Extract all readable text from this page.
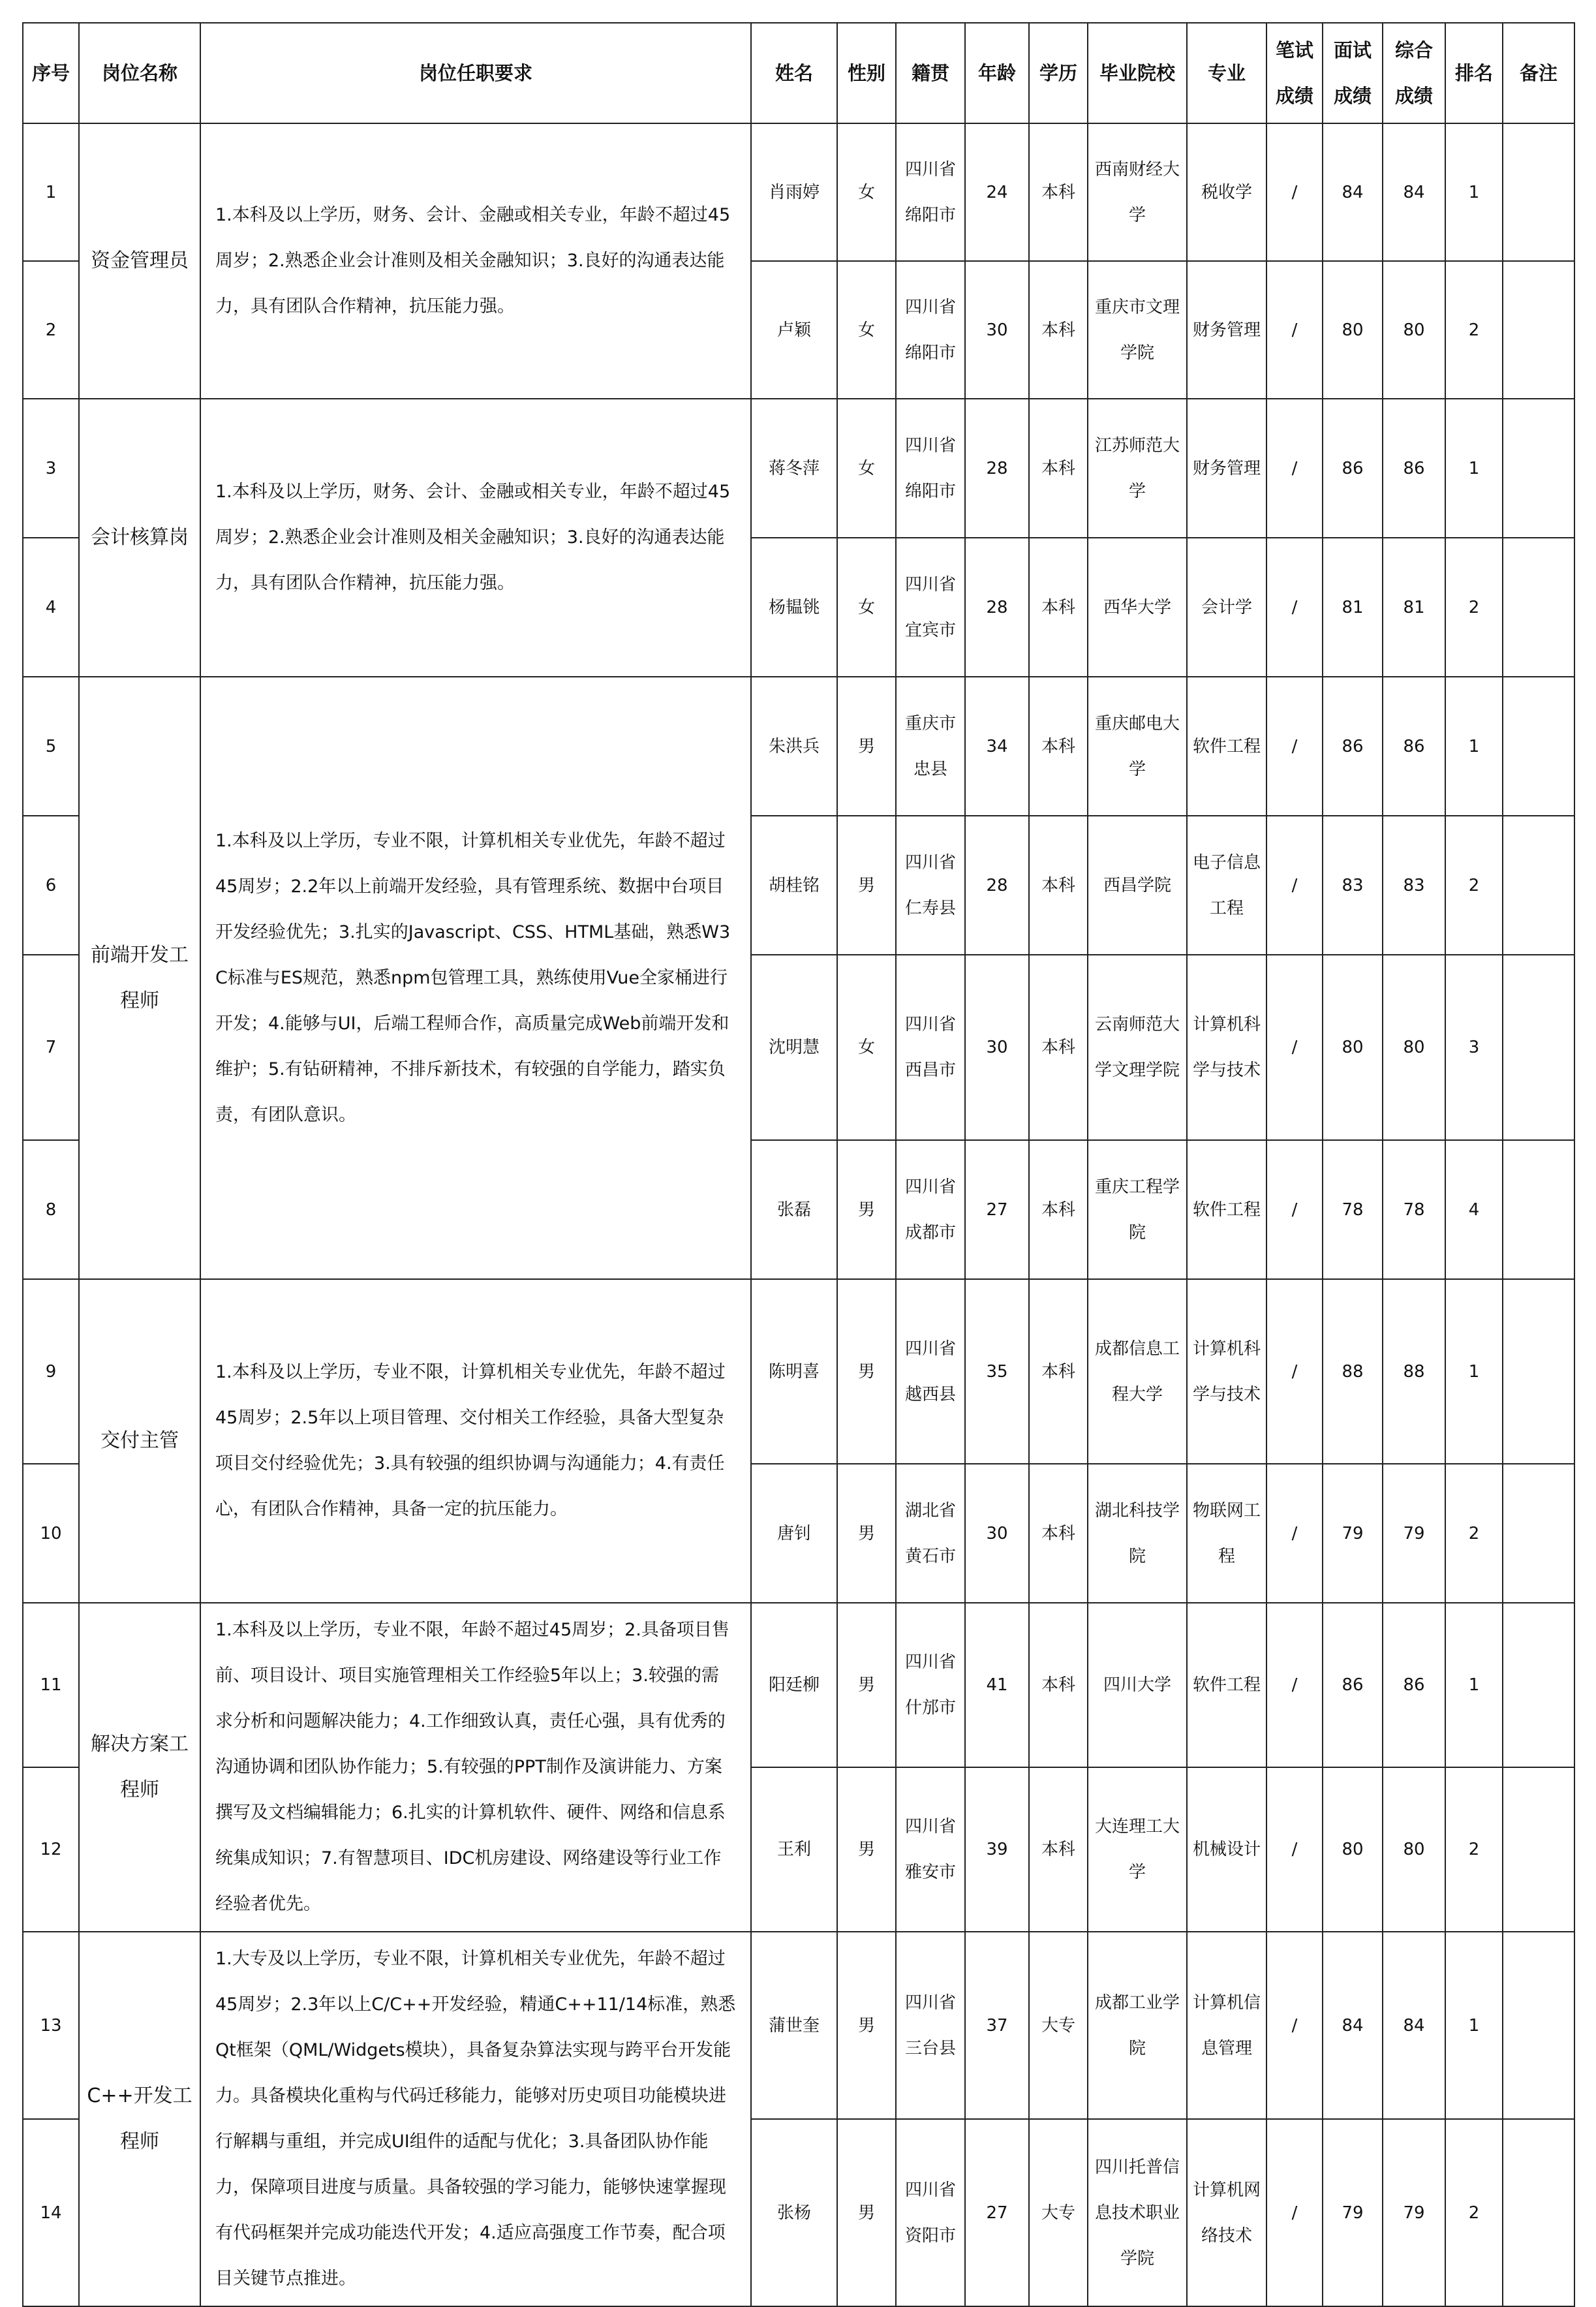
序号	岗位名称	岗位任职要求	姓名	性别	籍贯	年龄	学历	毕业院校	专业	笔试成绩	面试成绩	综合成绩	排名	备注
1	资金管理员	1.本科及以上学历，财务、会计、金融或相关专业，年龄不超过45周岁；2.熟悉企业会计准则及相关金融知识；3.良好的沟通表达能力，具有团队合作精神，抗压能力强。	肖雨婷	女	四川省绵阳市	24	本科	西南财经大学	税收学	/	84	84	1	
2			卢颖	女	四川省绵阳市	30	本科	重庆市文理学院	财务管理	/	80	80	2	
3	会计核算岗	1.本科及以上学历，财务、会计、金融或相关专业，年龄不超过45周岁；2.熟悉企业会计准则及相关金融知识；3.良好的沟通表达能力，具有团队合作精神，抗压能力强。	蒋冬萍	女	四川省绵阳市	28	本科	江苏师范大学	财务管理	/	86	86	1	
4			杨韫铫	女	四川省宜宾市	28	本科	西华大学	会计学	/	81	81	2	
5	前端开发工程师	1.本科及以上学历，专业不限，计算机相关专业优先，年龄不超过45周岁；2.2年以上前端开发经验，具有管理系统、数据中台项目开发经验优先；3.扎实的Javascript、CSS、HTML基础，熟悉W3C标准与ES规范，熟悉npm包管理工具，熟练使用Vue全家桶进行开发；4.能够与UI，后端工程师合作，高质量完成Web前端开发和维护；5.有钻研精神，不排斥新技术，有较强的自学能力，踏实负责，有团队意识。	朱洪兵	男	重庆市忠县	34	本科	重庆邮电大学	软件工程	/	86	86	1	
6			胡桂铭	男	四川省仁寿县	28	本科	西昌学院	电子信息工程	/	83	83	2	
7			沈明慧	女	四川省西昌市	30	本科	云南师范大学文理学院	计算机科学与技术	/	80	80	3	
8			张磊	男	四川省成都市	27	本科	重庆工程学院	软件工程	/	78	78	4	
9	交付主管	1.本科及以上学历，专业不限，计算机相关专业优先，年龄不超过45周岁；2.5年以上项目管理、交付相关工作经验，具备大型复杂项目交付经验优先；3.具有较强的组织协调与沟通能力；4.有责任心，有团队合作精神，具备一定的抗压能力。	陈明喜	男	四川省越西县	35	本科	成都信息工程大学	计算机科学与技术	/	88	88	1	
10			唐钊	男	湖北省黄石市	30	本科	湖北科技学院	物联网工程	/	79	79	2	
11	解决方案工程师	1.本科及以上学历，专业不限，年龄不超过45周岁；2.具备项目售前、项目设计、项目实施管理相关工作经验5年以上；3.较强的需求分析和问题解决能力；4.工作细致认真，责任心强，具有优秀的沟通协调和团队协作能力；5.有较强的PPT制作及演讲能力、方案撰写及文档编辑能力；6.扎实的计算机软件、硬件、网络和信息系统集成知识；7.有智慧项目、IDC机房建设、网络建设等行业工作经验者优先。	阳廷柳	男	四川省什邡市	41	本科	四川大学	软件工程	/	86	86	1	
12			王利	男	四川省雅安市	39	本科	大连理工大学	机械设计	/	80	80	2	
13	C++开发工程师	1.大专及以上学历，专业不限，计算机相关专业优先，年龄不超过45周岁；2.3年以上C/C++开发经验，精通C++11/14标准，熟悉Qt框架（QML/Widgets模块），具备复杂算法实现与跨平台开发能力。具备模块化重构与代码迁移能力，能够对历史项目功能模块进行解耦与重组，并完成UI组件的适配与优化；3.具备团队协作能力，保障项目进度与质量。具备较强的学习能力，能够快速掌握现有代码框架并完成功能迭代开发；4.适应高强度工作节奏，配合项目关键节点推进。	蒲世奎	男	四川省三台县	37	大专	成都工业学院	计算机信息管理	/	84	84	1	
14			张杨	男	四川省资阳市	27	大专	四川托普信息技术职业学院	计算机网络技术	/	79	79	2	
